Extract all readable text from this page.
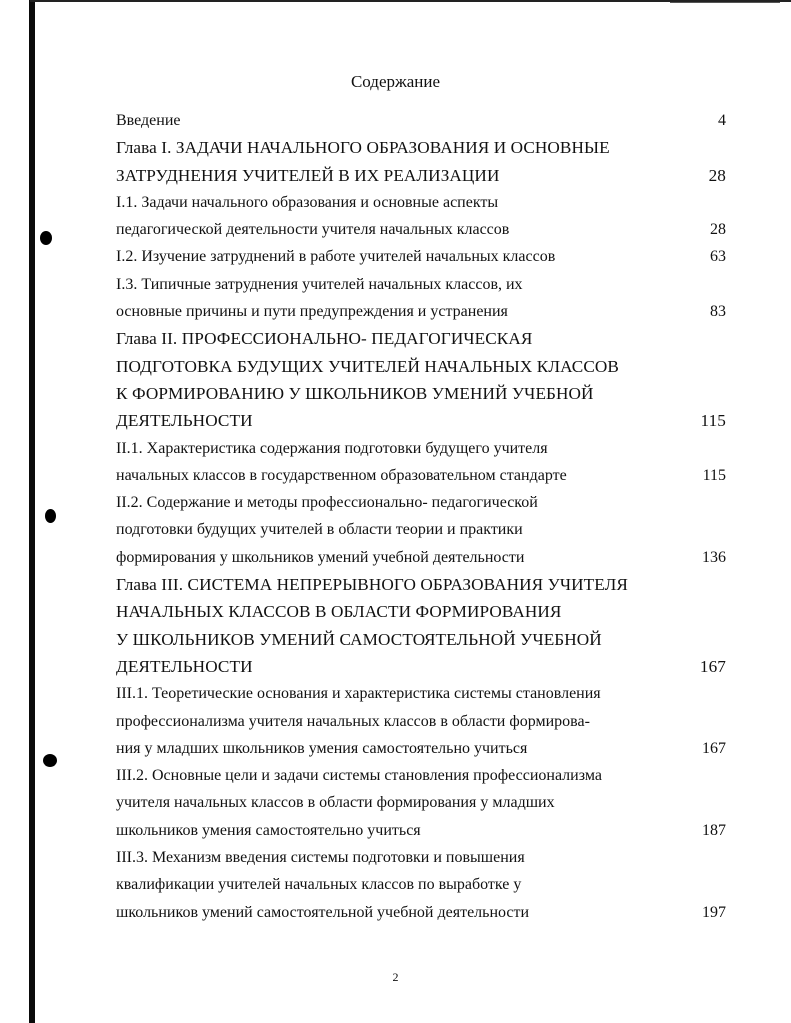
Содержание
Введение	4
Глава I. ЗАДАЧИ НАЧАЛЬНОГО ОБРАЗОВАНИЯ И ОСНОВНЫЕ
ЗАТРУДНЕНИЯ УЧИТЕЛЕЙ В ИХ РЕАЛИЗАЦИИ	28
I.1. Задачи начального образования и основные аспекты
педагогической деятельности учителя начальных классов	28
I.2. Изучение затруднений в работе учителей начальных классов	63
I.3. Типичные затруднения учителей начальных классов, их
основные причины и пути предупреждения и устранения	83
Глава II. ПРОФЕССИОНАЛЬНО- ПЕДАГОГИЧЕСКАЯ
ПОДГОТОВКА БУДУЩИХ УЧИТЕЛЕЙ НАЧАЛЬНЫХ КЛАССОВ
К ФОРМИРОВАНИЮ У ШКОЛЬНИКОВ УМЕНИЙ УЧЕБНОЙ
ДЕЯТЕЛЬНОСТИ	115
II.1. Характеристика содержания подготовки будущего учителя
начальных классов в государственном образовательном стандарте	115
II.2. Содержание и методы профессионально- педагогической
подготовки будущих учителей в области теории и практики
формирования у школьников умений учебной деятельности	136
Глава III. СИСТЕМА НЕПРЕРЫВНОГО ОБРАЗОВАНИЯ УЧИТЕЛЯ
НАЧАЛЬНЫХ КЛАССОВ В ОБЛАСТИ ФОРМИРОВАНИЯ
У ШКОЛЬНИКОВ УМЕНИЙ САМОСТОЯТЕЛЬНОЙ УЧЕБНОЙ
ДЕЯТЕЛЬНОСТИ	167
III.1. Теоретические основания и характеристика системы становления
профессионализма учителя начальных классов в области формирова-
ния у младших школьников умения самостоятельно учиться	167
III.2. Основные цели и задачи системы становления профессионализма
учителя начальных классов в области формирования у младших
школьников умения самостоятельно учиться	187
III.3. Механизм введения системы подготовки и повышения
квалификации учителей начальных классов по выработке у
школьников умений самостоятельной учебной деятельности	197
2
